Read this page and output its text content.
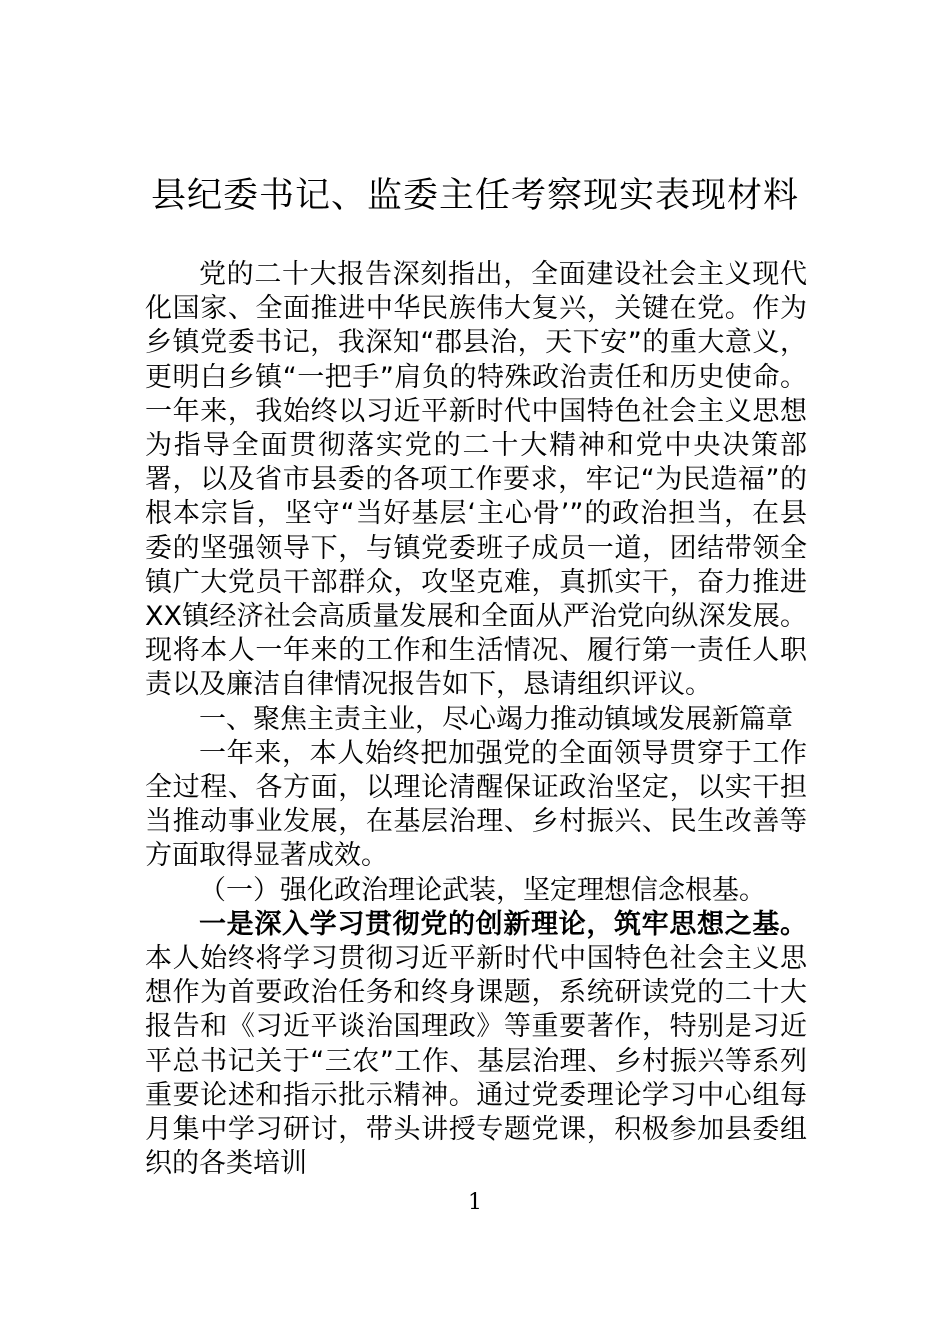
县纪委书记、监委主任考察现实表现材料

党的二十大报告深刻指出，全面建设社会主义现代化国家、全面推进中华民族伟大复兴，关键在党。作为乡镇党委书记，我深知“郡县治，天下安”的重大意义，更明白乡镇“一把手”肩负的特殊政治责任和历史使命。一年来，我始终以习近平新时代中国特色社会主义思想为指导全面贯彻落实党的二十大精神和党中央决策部署，以及省市县委的各项工作要求，牢记“为民造福”的根本宗旨，坚守“当好基层‘主心骨’”的政治担当，在县委的坚强领导下，与镇党委班子成员一道，团结带领全镇广大党员干部群众，攻坚克难，真抓实干，奋力推进XX镇经济社会高质量发展和全面从严治党向纵深发展。现将本人一年来的工作和生活情况、履行第一责任人职责以及廉洁自律情况报告如下，恳请组织评议。

一、聚焦主责主业，尽心竭力推动镇域发展新篇章

一年来，本人始终把加强党的全面领导贯穿于工作全过程、各方面，以理论清醒保证政治坚定，以实干担当推动事业发展，在基层治理、乡村振兴、民生改善等方面取得显著成效。

（一）强化政治理论武装，坚定理想信念根基。

一是深入学习贯彻党的创新理论，筑牢思想之基。本人始终将学习贯彻习近平新时代中国特色社会主义思想作为首要政治任务和终身课题，系统研读党的二十大报告和《习近平谈治国理政》等重要著作，特别是习近平总书记关于“三农”工作、基层治理、乡村振兴等系列重要论述和指示批示精神。通过党委理论学习中心组每月集中学习研讨，带头讲授专题党课，积极参加县委组织的各类培训

1
